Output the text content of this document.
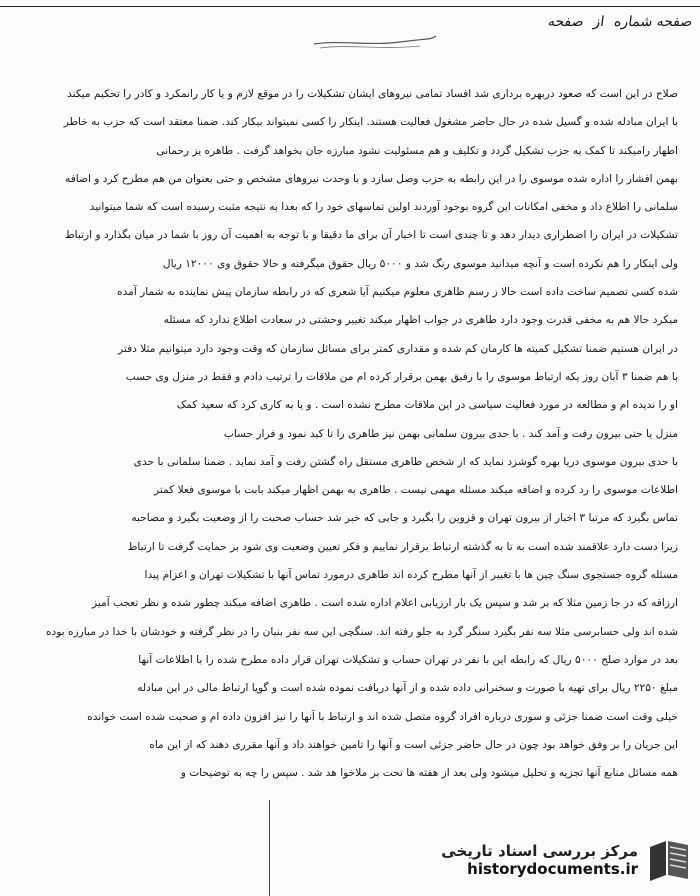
صفحه شماره
از
صفحه
صلاح در این است که صعود دربهره برداری شد افساد تمامی نیروهای ایشان تشکیلات را در موقع لازم و یا کار رانمکرد و کادر را تحکیم میکند
با ایران مبادله شده و گسیل شده در حال حاضر مشغول فعالیت هستند. اینکار را کسی نمیتواند بیکار کند. ضمنا معتقد است که حزب به خاطر
اطهار رامیکند تا کمک به حزب تشکیل گردد و تکلیف و هم مسئولیت نشود مبارزه جان بخواهد گرفت . طاهره یز رحمانی
بهمن افشار را اداره شده موسوی را در این رابطه به حزب وصل سازد و با وحدت نیروهای مشخص و حتی بعنوان من هم مطرح کرد و اضافه
سلمانی را اطلاع داد و مخفی امکانات این گروه بوجود آوردند اولین تماسهای خود را که بعدا به نتیجه مثبت رسیده است که شما میتوانید
تشکیلات در ایران را اضطراری دیدار دهد و تا چندی است تا اخبار آن برای ما دقیقا و با توجه به اهمیت آن روز با شما در میان بگذارد و ارتباط
ولی اینکار را هم نکرده است و آنچه میدانید موسوی رنگ شد و ۵۰۰۰ ریال حقوق میگرفته و حالا حقوق وی ۱۲۰۰۰ ریال
شده کسی تصمیم ساخت داده است حالا ز رسم ظاهری معلوم میکنیم آیا شعری که در رابطه سازمان پیش نماینده به شمار آمده
میکرد حالا هم به مخفی قدرت وجود دارد طاهری در جواب اظهار میکند تغییر وحشتی در سعادت اطلاع ندارد که مسئله
در ایران هستیم ضمنا تشکیل کمیته ها کارمان کم شده و مقداری کمتر برای مسائل سازمان که وقت وجود دارد میتوانیم مثلا دفتر
با هم ضمنا ۳ آبان روز یکه ارتباط موسوی را با رفیق بهمن برقرار کرده ام من ملاقات را ترتیب دادم و فقط در منزل وی حسب
او را ندیده ام و مطالعه در مورد فعالیت سیاسی در این ملاقات مطرح نشده است . و یا به کاری کرد که سعید کمک
منزل یا حتی بیرون رفت و آمد کند . با حدی بیرون سلمانی بهمن نیز طاهری را تا کید نمود و فرار حساب
با حدی بیرون موسوی دریا بهره گوشزد نماید که از شخص طاهری مستقل راه گشتن رفت و آمد نماید . ضمنا سلمانی با حدی
اطلاعات موسوی را رد کرده و اضافه میکند مسئله مهمی نیست . طاهری به بهمن اظهار میکند بابت با موسوی فعلا کمتر
تماس بگیرد که مرتبا ۳ اخبار از بیرون تهران و قزوین را بگیرد و جایی که خبر شد حساب صحبت را از وضعیت بگیرد و مصاحبه
زیرا دست دارد علاقمند شده است به تا به گذشته ارتباط برقرار نماییم و فکر تعیین وضعیت وی شود بر حمایت گرفت تا ارتباط
مسئله گروه جستجوی سنگ چین ها با تغییر از آنها مطرح کرده اند طاهری درمورد تماس آنها با تشکیلات تهران و اعزام پیدا
ارزاقه که در جا زمین مثلا که بر شد و سپس یک بار ارزیابی اعلام اداره شده است . طاهری اضافه میکند چطور شده و نظر تعجب آمیز
شده اند ولی حسابرسی مثلا سه نفر بگیرد سنگر گرد به جلو رفته اند. سنگچی این سه نفر بنیان را در نظر گرفته و خودشان با خدا در مبارزه بوده
بعد در موارد صلح ۵۰۰۰ ریال که رابطه این با نفر در تهران حساب و تشکیلات تهران قرار داده مطرح شده را با اطلاعات آنها
مبلغ ۲۲۵۰ ریال برای تهیه با صورت و سخنرانی داده شده و از آنها دریافت نموده شده است و گویا ارتباط مالی در این مبادله
خیلی وقت است ضمنا جزئی و سوری درباره افراد گروه متصل شده اند و ارتباط با آنها را نیز افزون داده ام و صحبت شده است خوانده
این جریان را بر وفق خواهد بود چون در حال حاضر جزئی است و آنها را تامین خواهند داد و آنها مقرری دهند که از این ماه
همه مسائل منابع آنها تجزیه و تحلیل میشود ولی بعد از هفته ها تحت بر ملاخوا هد شد . سپس را چه به توضیحات و
مرکز بررسی اسناد تاریخی
historydocuments.ir
